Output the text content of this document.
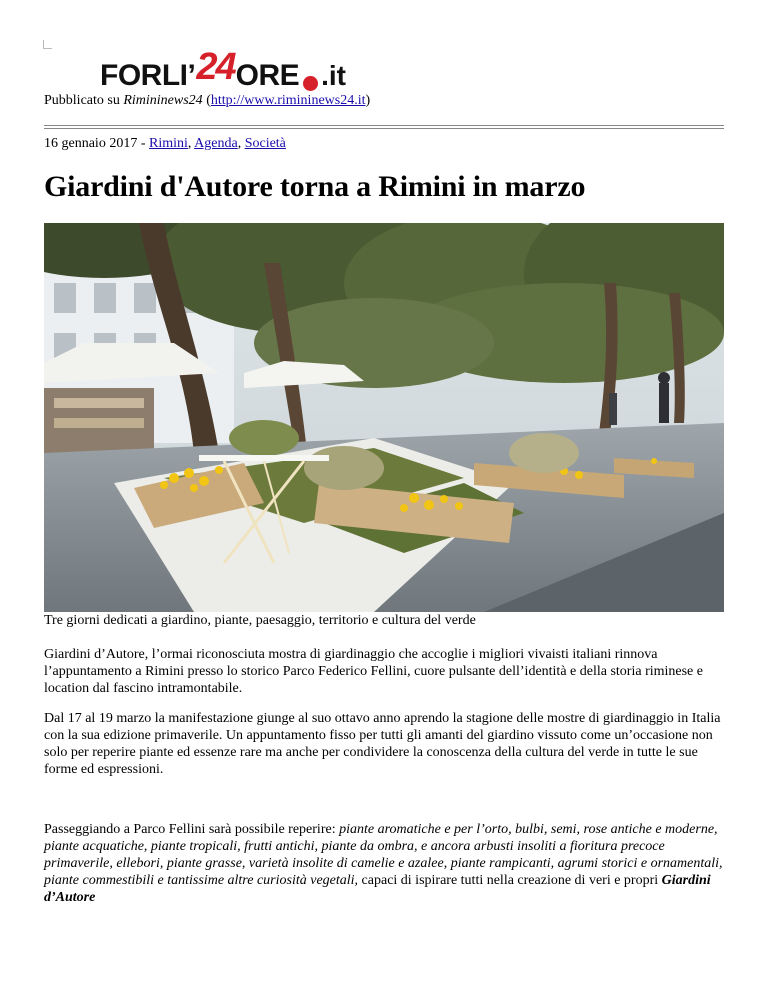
FORLI’24ORE .it
Pubblicato su Rimininews24 (http://www.rimininews24.it)
16 gennaio 2017 - Rimini, Agenda, Società
Giardini d'Autore torna a Rimini in marzo
Tre giorni dedicati a giardino, piante, paesaggio, territorio e cultura del verde

Giardini d’Autore, l’ormai riconosciuta mostra di giardinaggio che accoglie i migliori vivaisti italiani rinnova l’appuntamento a Rimini presso lo storico Parco Federico Fellini, cuore pulsante dell’identità e della storia riminese e location dal fascino intramontabile.

Dal 17 al 19 marzo la manifestazione giunge al suo ottavo anno aprendo la stagione delle mostre di giardinaggio in Italia con la sua edizione primaverile. Un appuntamento fisso per tutti gli amanti del giardino vissuto come un’occasione non solo per reperire piante ed essenze rare ma anche per condividere la conoscenza della cultura del verde in tutte le sue forme ed espressioni.

Passeggiando a Parco Fellini sarà possibile reperire: piante aromatiche e per l’orto, bulbi, semi, rose antiche e moderne, piante acquatiche, piante tropicali, frutti antichi, piante da ombra, e ancora arbusti insoliti a fioritura precoce primaverile, ellebori, piante grasse, varietà insolite di camelie e azalee, piante rampicanti, agrumi storici e ornamentali, piante commestibili e tantissime altre curiosità vegetali, capaci di ispirare tutti nella creazione di veri e propri Giardini d’Autore
